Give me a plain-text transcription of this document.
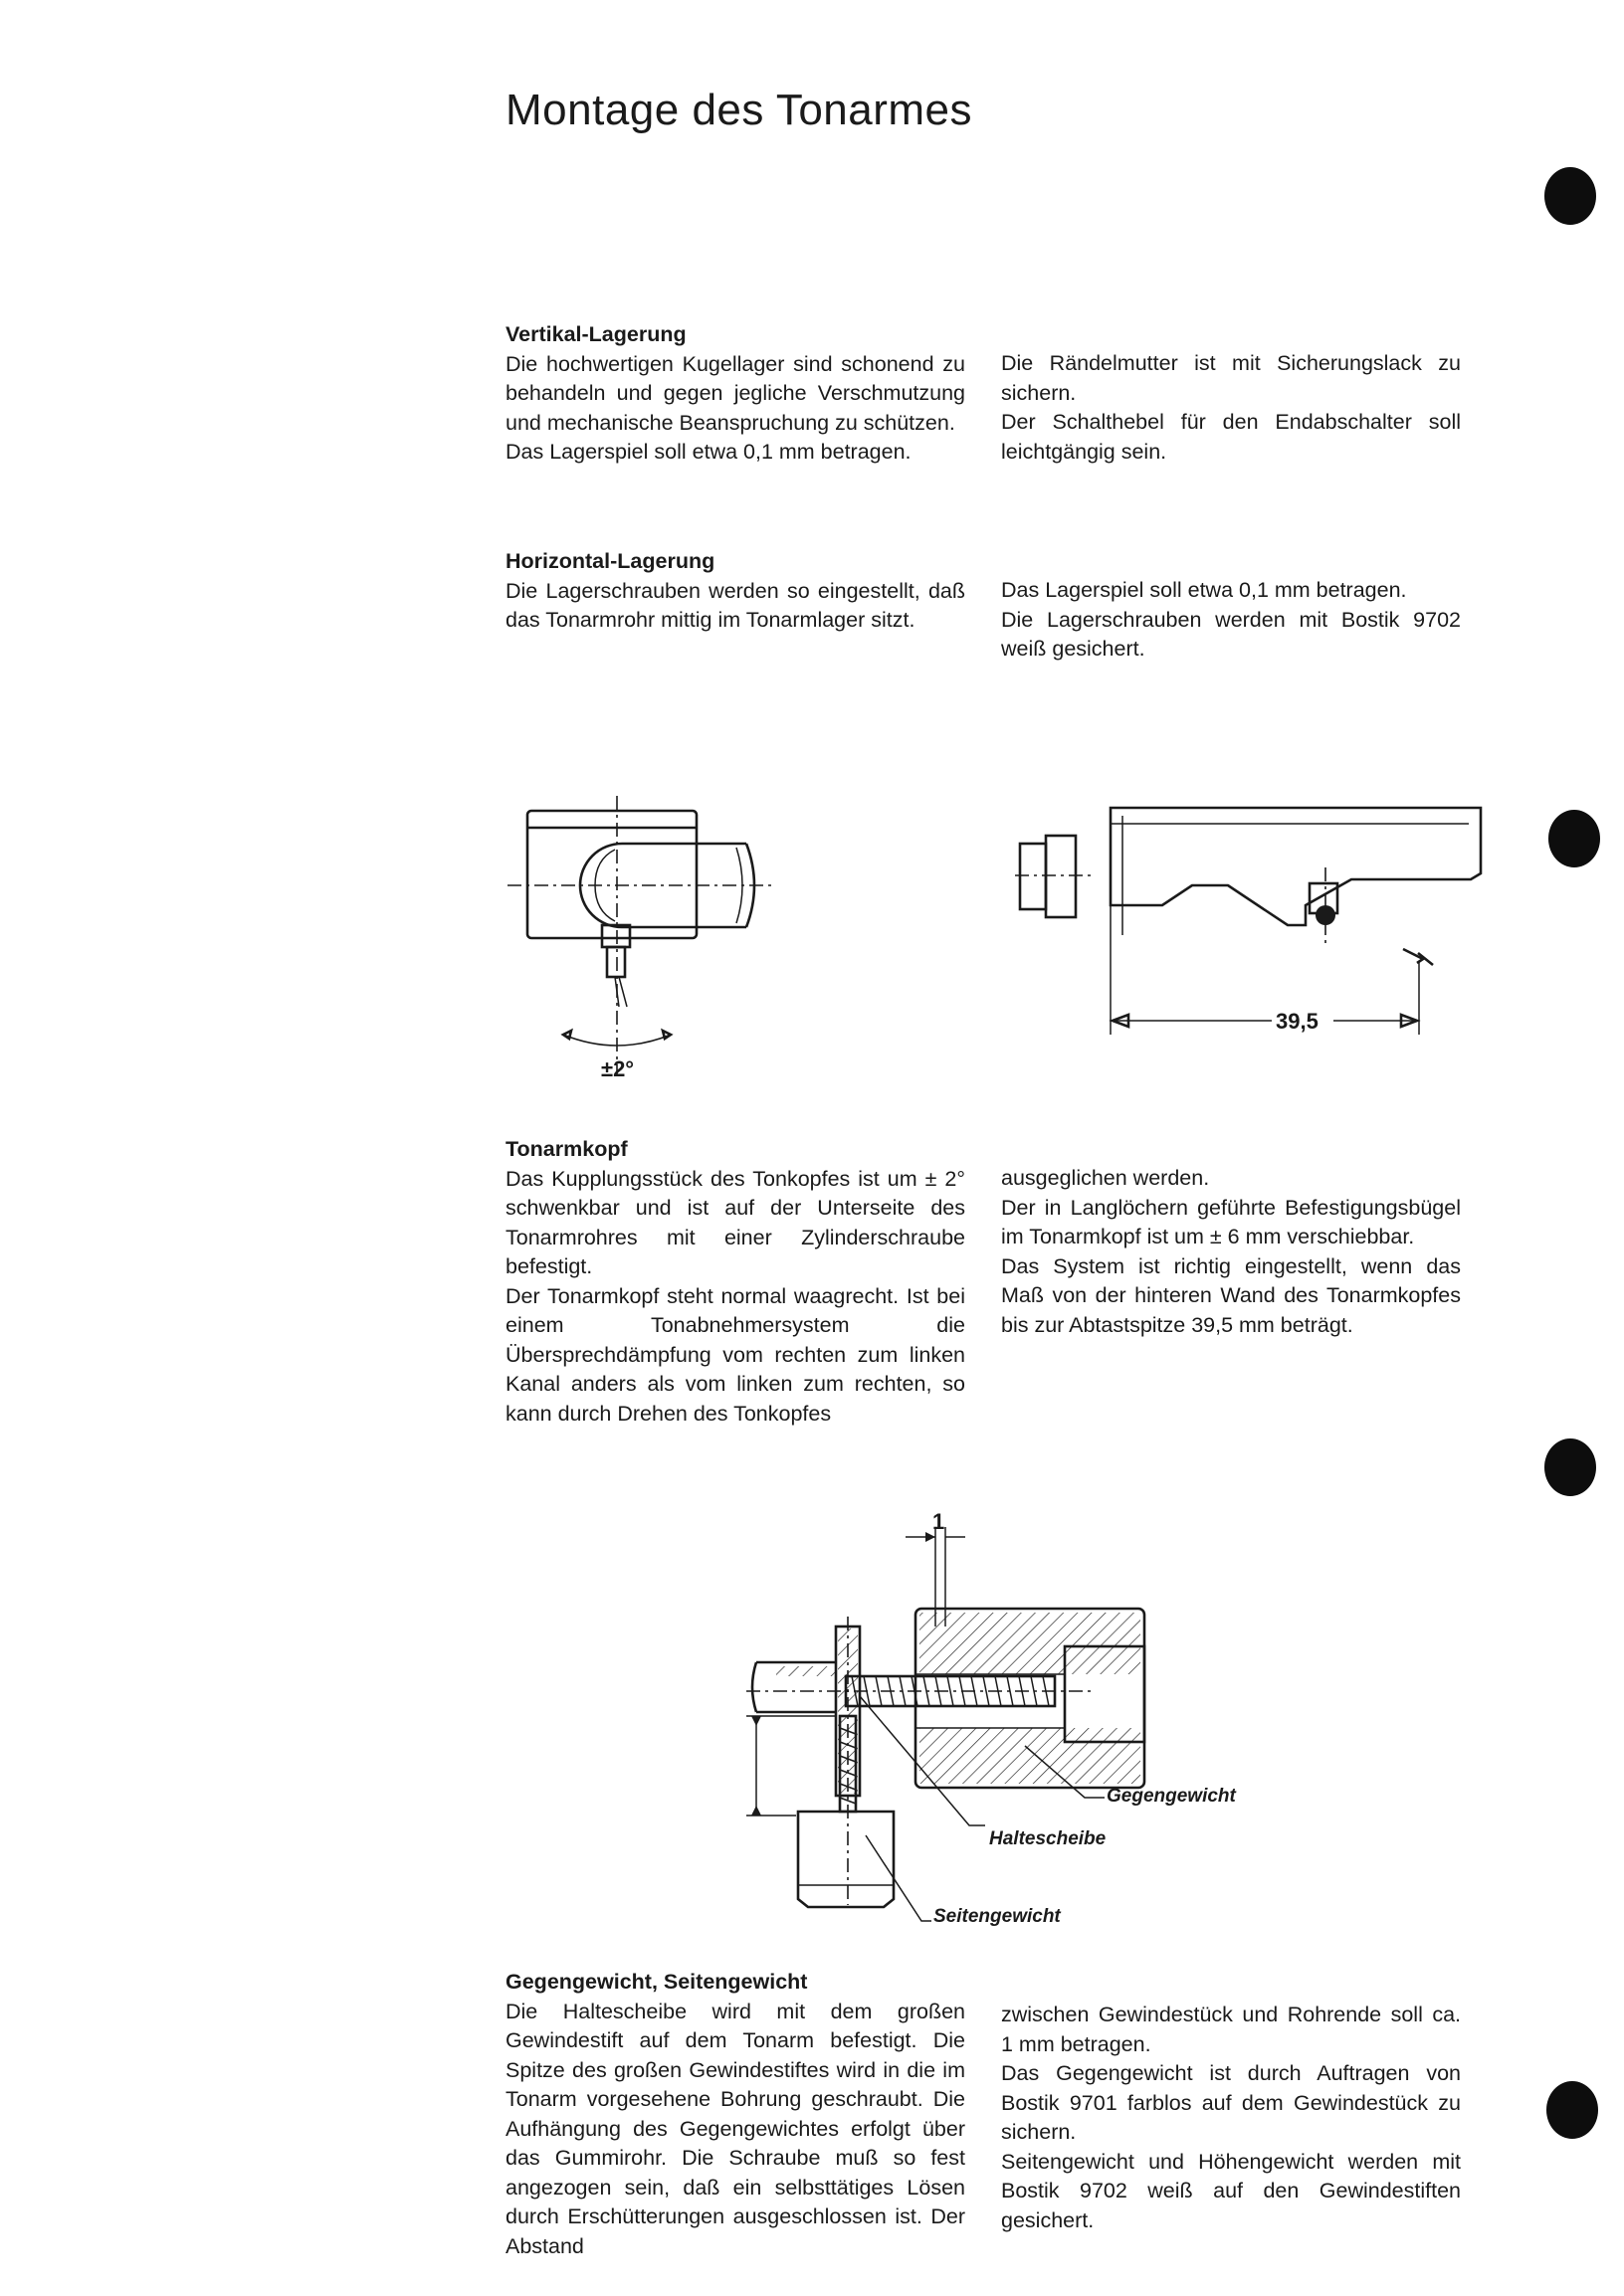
Montage des Tonarmes

Vertikal-Lagerung

Die hochwertigen Kugellager sind schonend zu behandeln und gegen jegliche Verschmutzung und mechanische Beanspruchung zu schützen.

Das Lagerspiel soll etwa 0,1 mm betragen.

Die Rändelmutter ist mit Sicherungslack zu sichern.

Der Schalthebel für den Endabschalter soll leichtgängig sein.

Horizontal-Lagerung

Die Lagerschrauben werden so eingestellt, daß das Tonarmrohr mittig im Tonarmlager sitzt.

Das Lagerspiel soll etwa 0,1 mm betragen.

Die Lagerschrauben werden mit Bostik 9702 weiß gesichert.

±2°
39,5

Tonarmkopf

Das Kupplungsstück des Tonkopfes ist um ± 2° schwenkbar und ist auf der Unterseite des Tonarmrohres mit einer Zylinderschraube befestigt.

Der Tonarmkopf steht normal waagrecht. Ist bei einem Tonabnehmersystem die Übersprechdämpfung vom rechten zum linken Kanal anders als vom linken zum rechten, so kann durch Drehen des Tonkopfes

ausgeglichen werden.

Der in Langlöchern geführte Befestigungsbügel im Tonarmkopf ist um ± 6 mm verschiebbar.

Das System ist richtig eingestellt, wenn das Maß von der hinteren Wand des Tonarmkopfes bis zur Abtastspitze 39,5 mm beträgt.

1
Gegengewicht
Haltescheibe
Seitengewicht

Gegengewicht, Seitengewicht

Die Haltescheibe wird mit dem großen Gewindestift auf dem Tonarm befestigt. Die Spitze des großen Gewindestiftes wird in die im Tonarm vorgesehene Bohrung geschraubt. Die Aufhängung des Gegengewichtes erfolgt über das Gummirohr. Die Schraube muß so fest angezogen sein, daß ein selbsttätiges Lösen durch Erschütterungen ausgeschlossen ist. Der Abstand

zwischen Gewindestück und Rohrende soll ca. 1 mm betragen.

Das Gegengewicht ist durch Auftragen von Bostik 9701 farblos auf dem Gewindestück zu sichern.

Seitengewicht und Höhengewicht werden mit Bostik 9702 weiß auf den Gewindestiften gesichert.
